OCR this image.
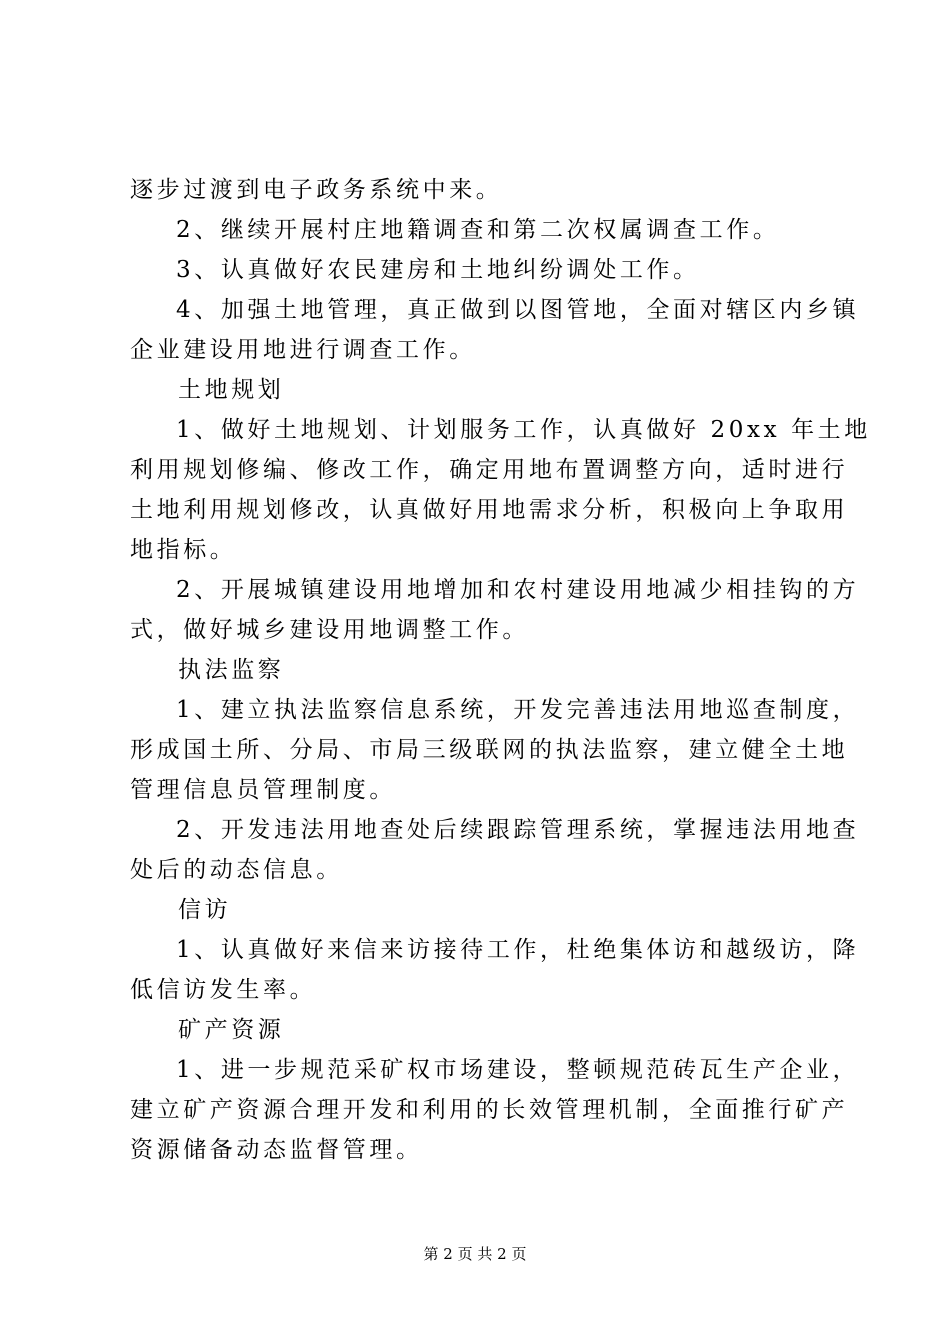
逐步过渡到电子政务系统中来。
2、继续开展村庄地籍调查和第二次权属调查工作。
3、认真做好农民建房和土地纠纷调处工作。
4、加强土地管理，真正做到以图管地，全面对辖区内乡镇
企业建设用地进行调查工作。
土地规划
1、做好土地规划、计划服务工作，认真做好 20xx 年土地
利用规划修编、修改工作，确定用地布置调整方向，适时进行
土地利用规划修改，认真做好用地需求分析，积极向上争取用
地指标。
2、开展城镇建设用地增加和农村建设用地减少相挂钩的方
式，做好城乡建设用地调整工作。
执法监察
1、建立执法监察信息系统，开发完善违法用地巡查制度，
形成国土所、分局、市局三级联网的执法监察，建立健全土地
管理信息员管理制度。
2、开发违法用地查处后续跟踪管理系统，掌握违法用地查
处后的动态信息。
信访
1、认真做好来信来访接待工作，杜绝集体访和越级访，降
低信访发生率。
矿产资源
1、进一步规范采矿权市场建设，整顿规范砖瓦生产企业，
建立矿产资源合理开发和利用的长效管理机制，全面推行矿产
资源储备动态监督管理。
第 2 页 共 2 页
